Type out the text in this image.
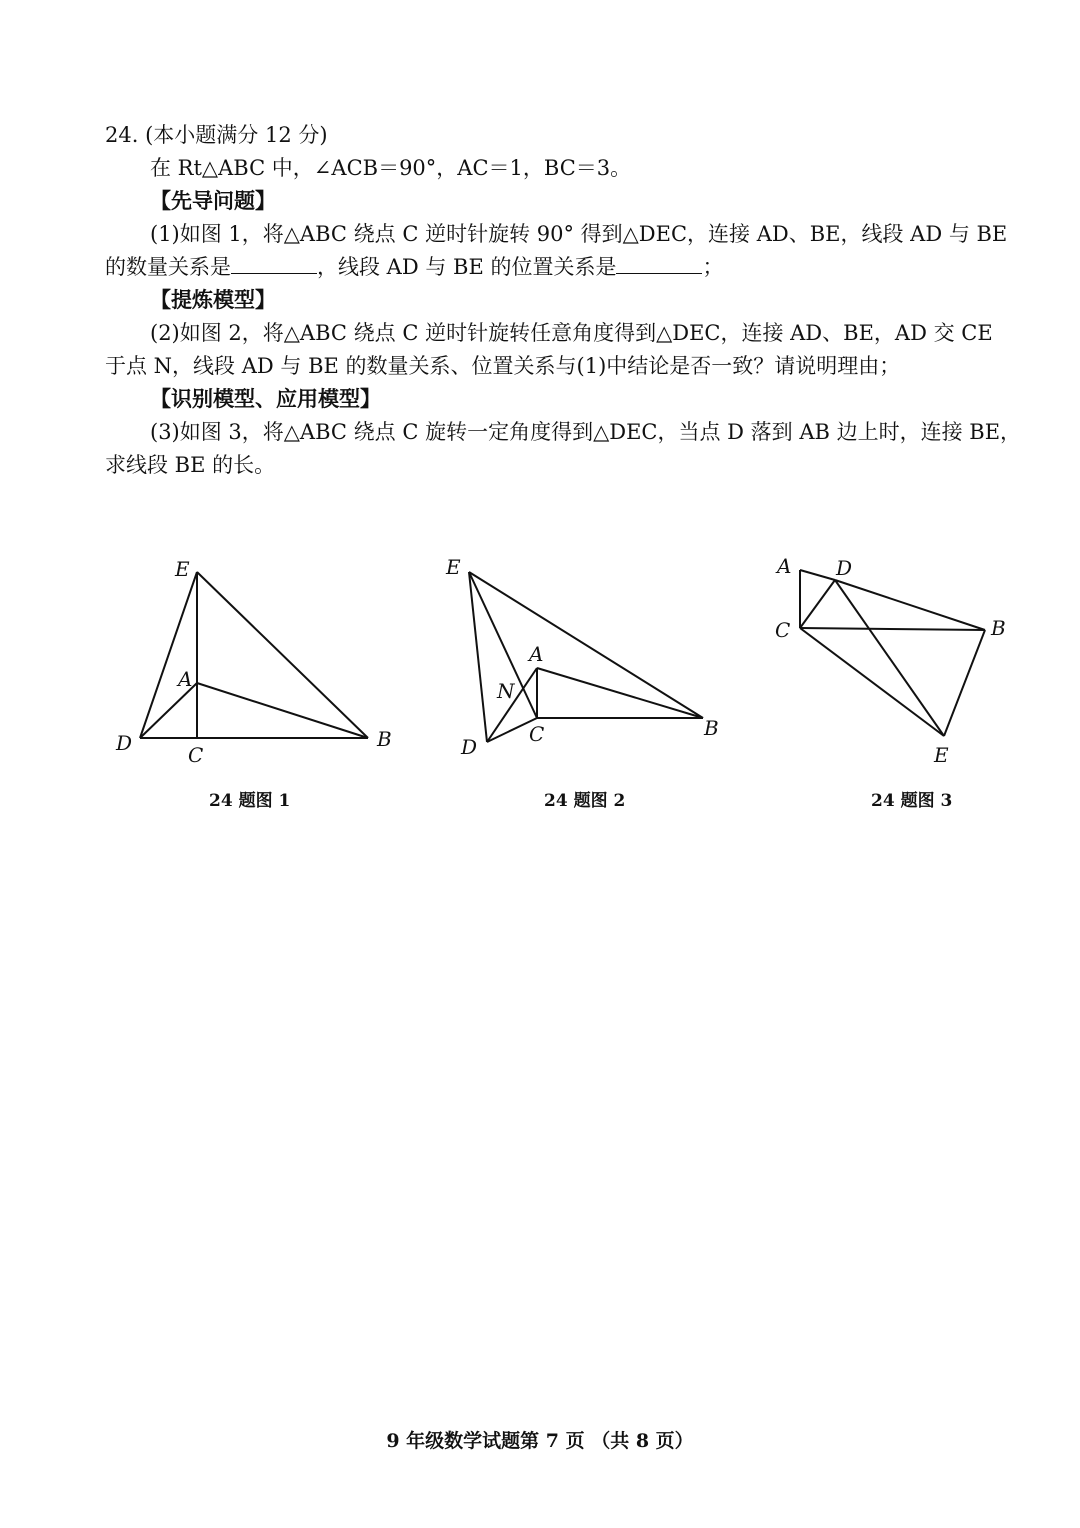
24. (本小题满分 12 分)
在 Rt△ABC 中，∠ACB＝90°，AC＝1，BC＝3。
【先导问题】
(1)如图 1，将△ABC 绕点 C 逆时针旋转 90° 得到△DEC，连接 AD、BE，线段 AD 与 BE
的数量关系是	，线段 AD 与 BE 的位置关系是	；
【提炼模型】
(2)如图 2，将△ABC 绕点 C 逆时针旋转任意角度得到△DEC，连接 AD、BE，AD 交 CE
于点 N，线段 AD 与 BE 的数量关系、位置关系与(1)中结论是否一致？请说明理由；
【识别模型、应用模型】
(3)如图 3，将△ABC 绕点 C 旋转一定角度得到△DEC，当点 D 落到 AB 边上时，连接 BE，
求线段 BE 的长。
E
A
D	C
B
E
A
N
D
C	B
A D
C	B
E
24 题图 1	24 题图 2	24 题图 3
9 年级数学试题第 7 页 （共 8 页）
